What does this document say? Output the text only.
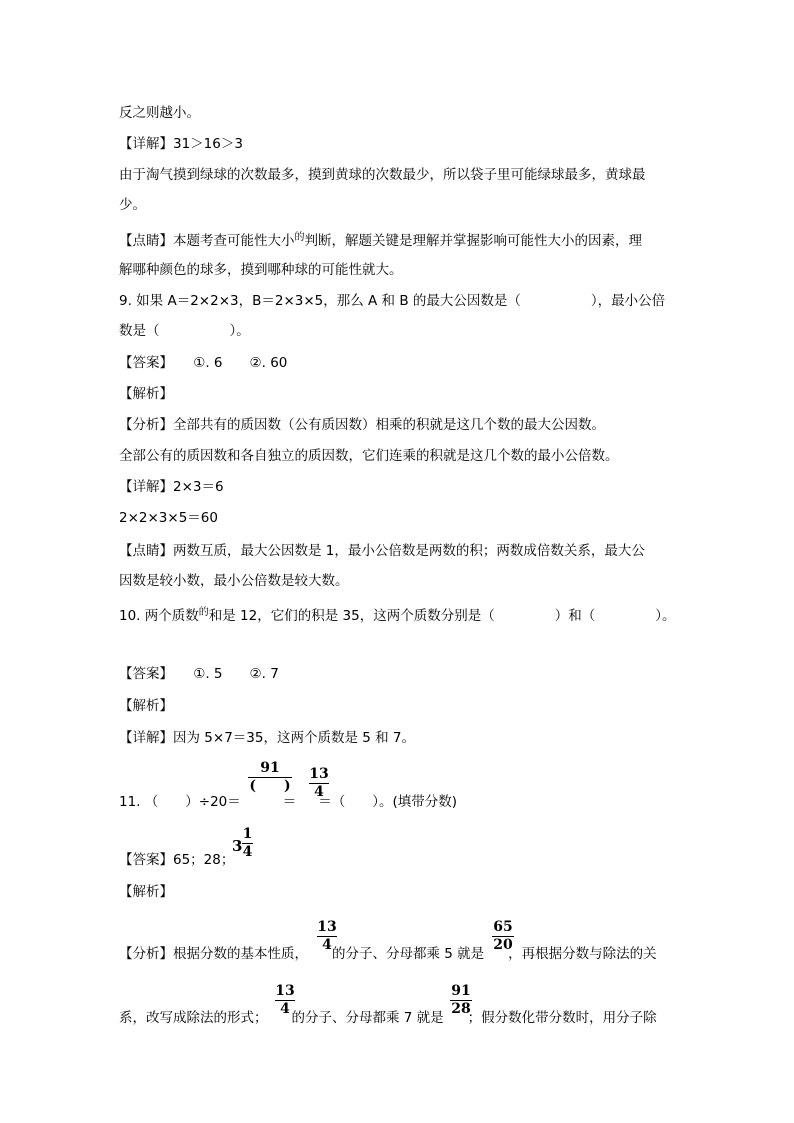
反之则越小。
【详解】31＞16＞3
由于淘气摸到绿球的次数最多，摸到黄球的次数最少，所以袋子里可能绿球最多，黄球最
少。
【点睛】本题考查可能性大小$^的$判断，解题关键是理解并掌握影响可能性大小的因素，理
解哪种颜色的球多，摸到哪种球的可能性就大。
9. 如果 A＝2×2×3，B＝2×3×5，那么 A 和 B 的最大公因数是（	），最小公倍
数是（	）。
【答案】　　①. 6　　②. 60
【解析】
【分析】全部共有的质因数（公有质因数）相乘的积就是这几个数的最大公因数。
全部公有的质因数和各自独立的质因数，它们连乘的积就是这几个数的最小公倍数。
【详解】2×3＝6
2×2×3×5＝60
【点睛】两数互质，最大公因数是 1，最小公倍数是两数的积；两数成倍数关系，最大公
因数是较小数，最小公倍数是较大数。
10. 两个质数$^的$和是 12，它们的积是 35，这两个质数分别是（	）和（	）。
【答案】　　①. 5　　②. 7
【解析】
【详解】因为 5×7＝35，这两个质数是 5 和 7。
11. （　　）÷20＝	＝ ＝（　　）。(填带分数)
91
(　　)
13
4
【答案】65；28；
3
1
4
【解析】
【分析】根据分数的基本性质， 的分子、分母都乘 5 就是 ，再根据分数与除法的关
13
4
65
20
系，改写成除法的形式； 的分子、分母都乘 7 就是 ；假分数化带分数时，用分子除
13
4
91
28
